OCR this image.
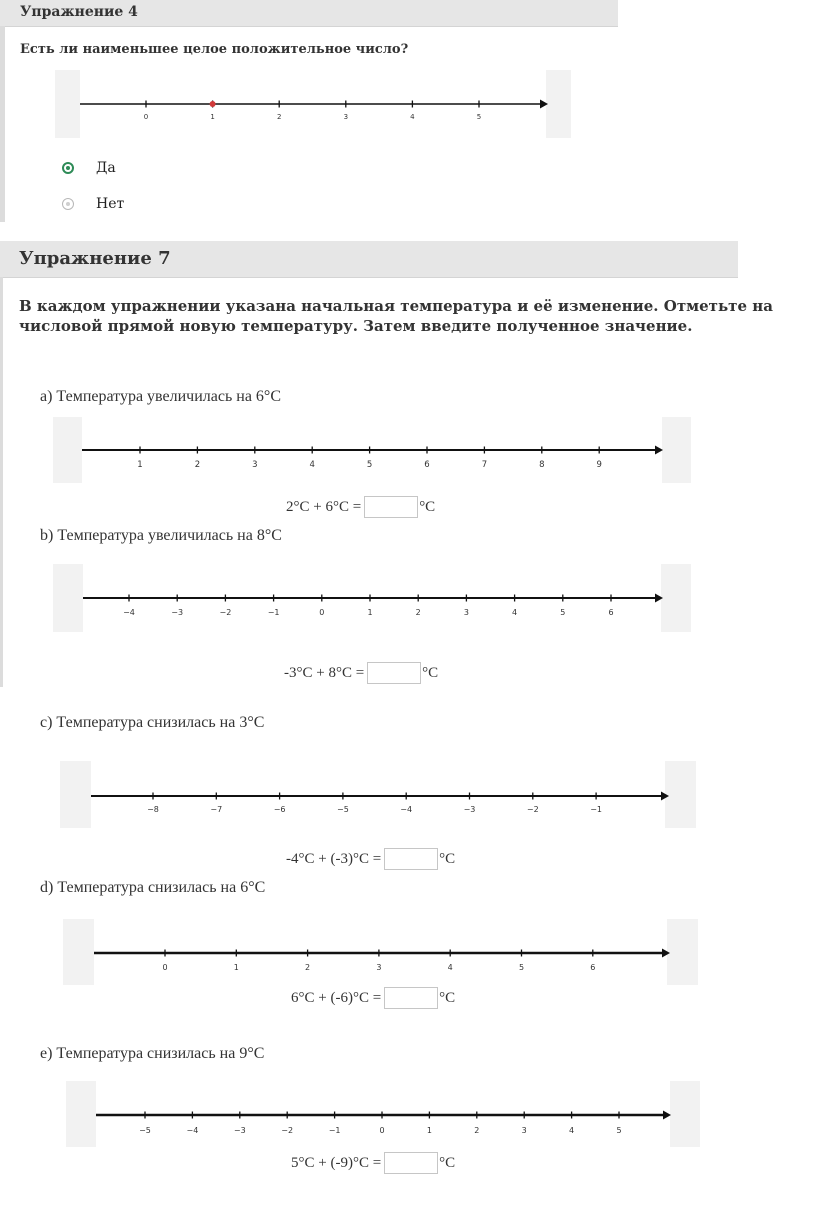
Упражнение 4
Есть ли наименьшее целое положительное число?
0	1	2	3	4	5
Да
Нет
Упражнение 7
В каждом упражнении указана начальная температура и её изменение. Отметьте на
числовой прямой новую температуру. Затем введите полученное значение.
a) Температура увеличилась на 6°C
1	2	3	4	5	6	7	8	9
2°C + 6°C =	°C
b) Температура увеличилась на 8°C
−4	−3	−2	−1	0	1	2	3	4	5	6
-3°C + 8°C =	°C
c) Температура снизилась на 3°C
−8	−7	−6	−5	−4	−3	−2	−1
-4°C + (-3)°C =	°C
d) Температура снизилась на 6°C
0	1	2	3	4	5	6
6°C + (-6)°C =	°C
e) Температура снизилась на 9°C
−5	−4	−3	−2	−1	0	1	2	3	4	5
5°C + (-9)°C =	°C
